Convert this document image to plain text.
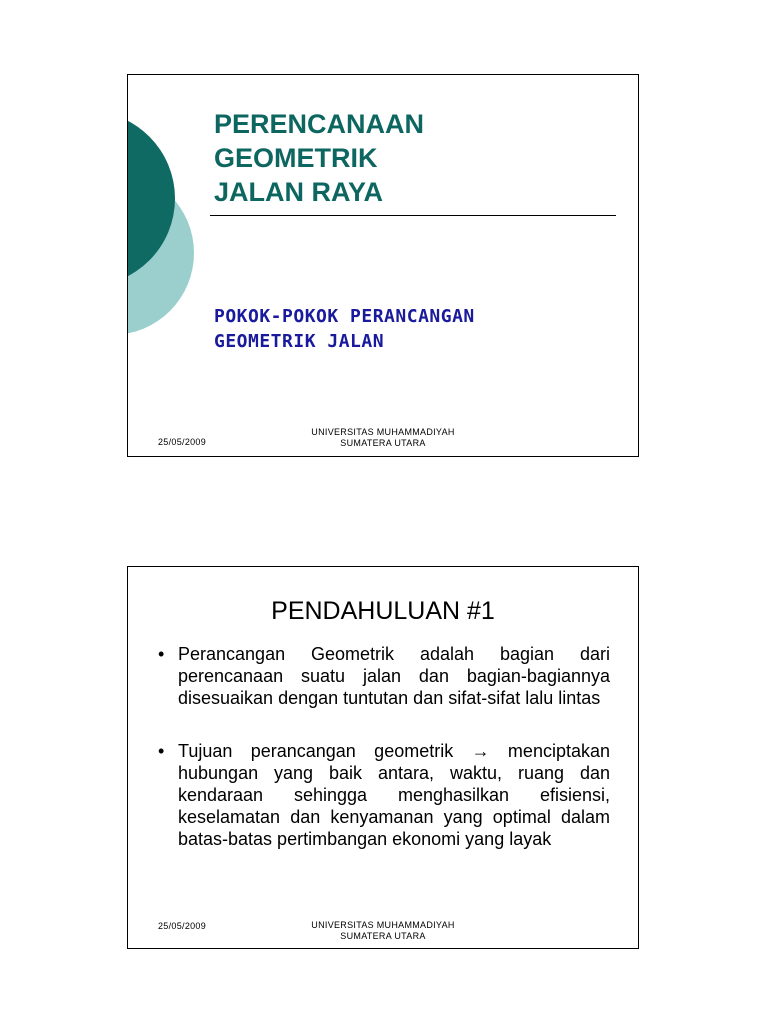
PERENCANAAN
GEOMETRIK
JALAN RAYA
POKOK-POKOK PERANCANGAN
GEOMETRIK JALAN
25/05/2009
UNIVERSITAS MUHAMMADIYAH
SUMATERA UTARA
PENDAHULUAN #1
• Perancangan Geometrik adalah bagian dari perencanaan suatu jalan dan bagian-bagiannya disesuaikan dengan tuntutan dan sifat-sifat lalu lintas
• Tujuan perancangan geometrik → menciptakan hubungan yang baik antara, waktu, ruang dan kendaraan sehingga menghasilkan efisiensi, keselamatan dan kenyamanan yang optimal dalam batas-batas pertimbangan ekonomi yang layak
25/05/2009	UNIVERSITAS MUHAMMADIYAH
SUMATERA UTARA
